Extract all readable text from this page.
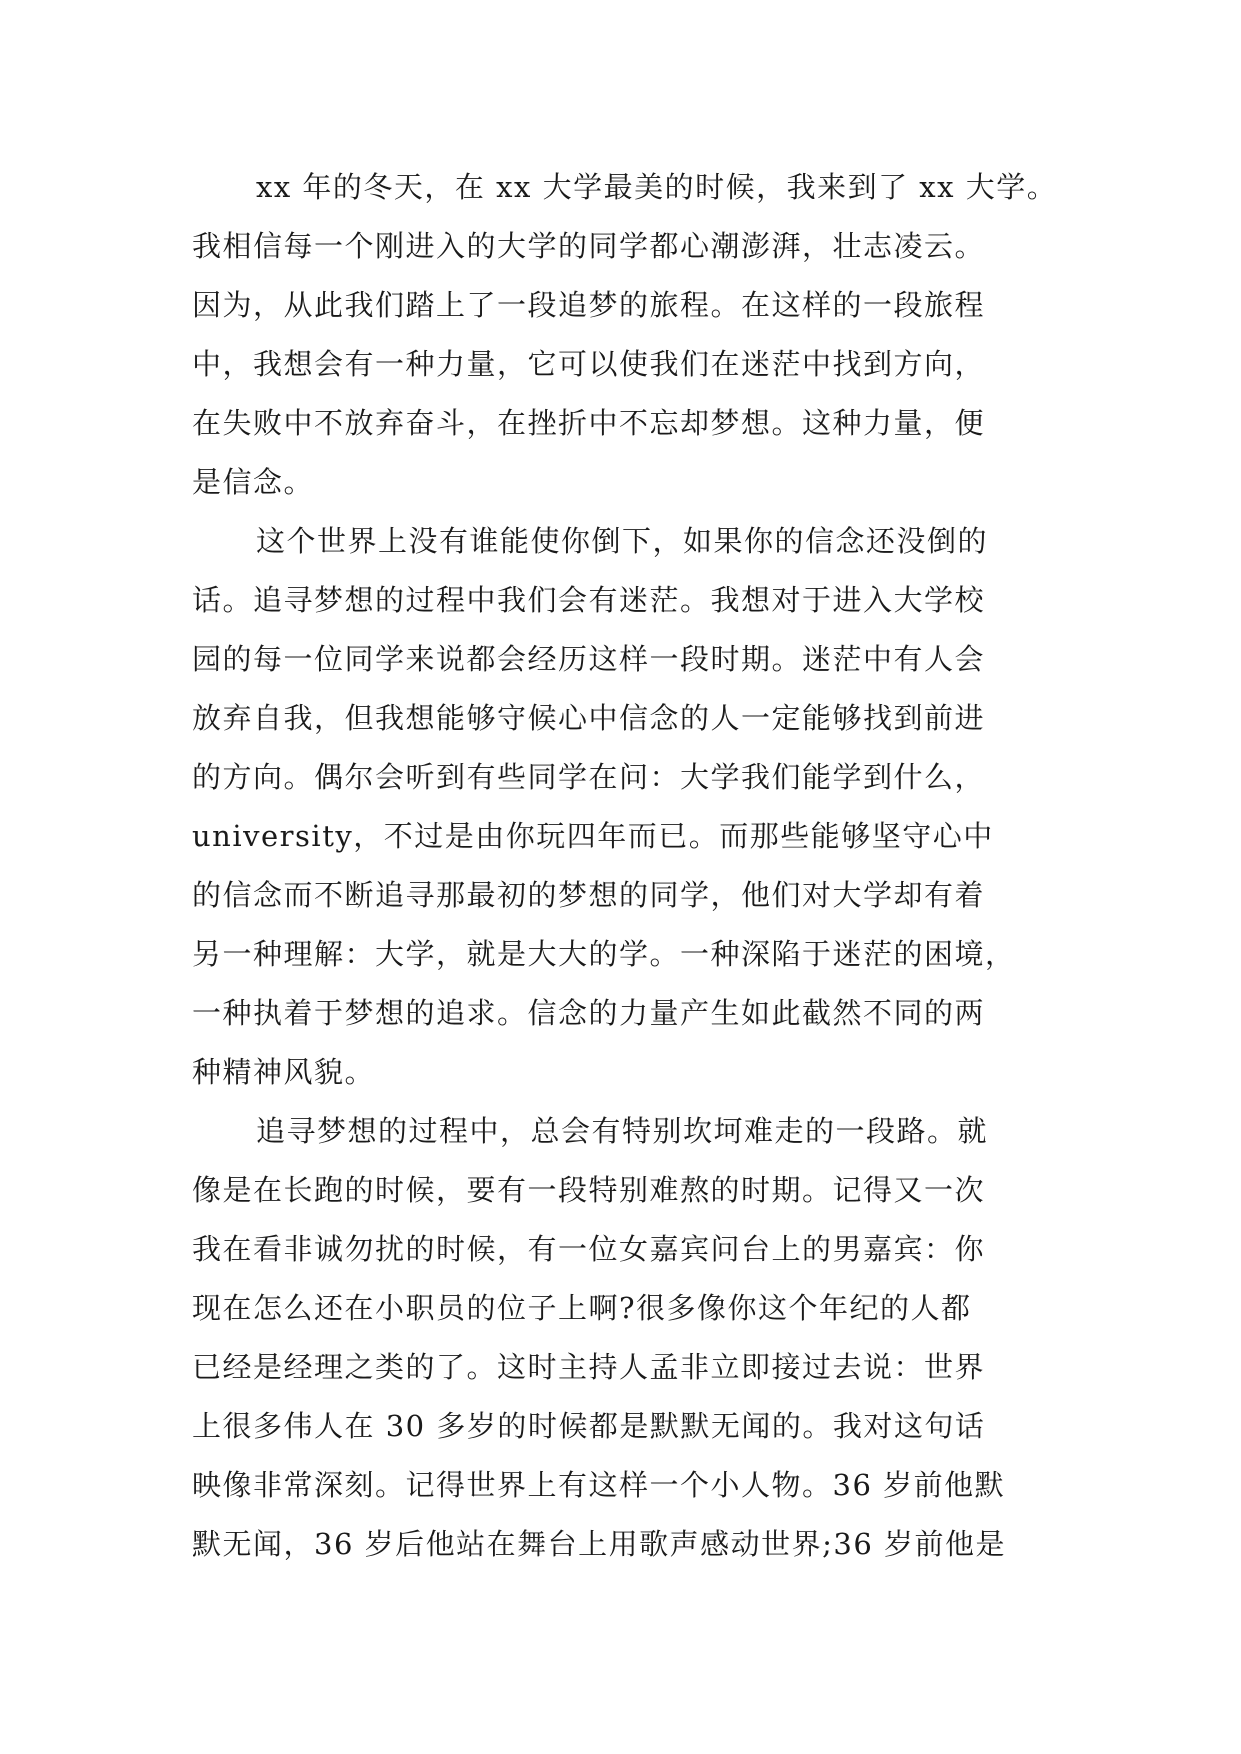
xx 年的冬天，在 xx 大学最美的时候，我来到了 xx 大学。
我相信每一个刚进入的大学的同学都心潮澎湃，壮志凌云。
因为，从此我们踏上了一段追梦的旅程。在这样的一段旅程
中，我想会有一种力量，它可以使我们在迷茫中找到方向，
在失败中不放弃奋斗，在挫折中不忘却梦想。这种力量，便
是信念。
这个世界上没有谁能使你倒下，如果你的信念还没倒的
话。追寻梦想的过程中我们会有迷茫。我想对于进入大学校
园的每一位同学来说都会经历这样一段时期。迷茫中有人会
放弃自我，但我想能够守候心中信念的人一定能够找到前进
的方向。偶尔会听到有些同学在问：大学我们能学到什么，
university，不过是由你玩四年而已。而那些能够坚守心中
的信念而不断追寻那最初的梦想的同学，他们对大学却有着
另一种理解：大学，就是大大的学。一种深陷于迷茫的困境，
一种执着于梦想的追求。信念的力量产生如此截然不同的两
种精神风貌。
追寻梦想的过程中，总会有特别坎坷难走的一段路。就
像是在长跑的时候，要有一段特别难熬的时期。记得又一次
我在看非诚勿扰的时候，有一位女嘉宾问台上的男嘉宾：你
现在怎么还在小职员的位子上啊?很多像你这个年纪的人都
已经是经理之类的了。这时主持人孟非立即接过去说：世界
上很多伟人在 30 多岁的时候都是默默无闻的。我对这句话
映像非常深刻。记得世界上有这样一个小人物。36 岁前他默
默无闻，36 岁后他站在舞台上用歌声感动世界;36 岁前他是
